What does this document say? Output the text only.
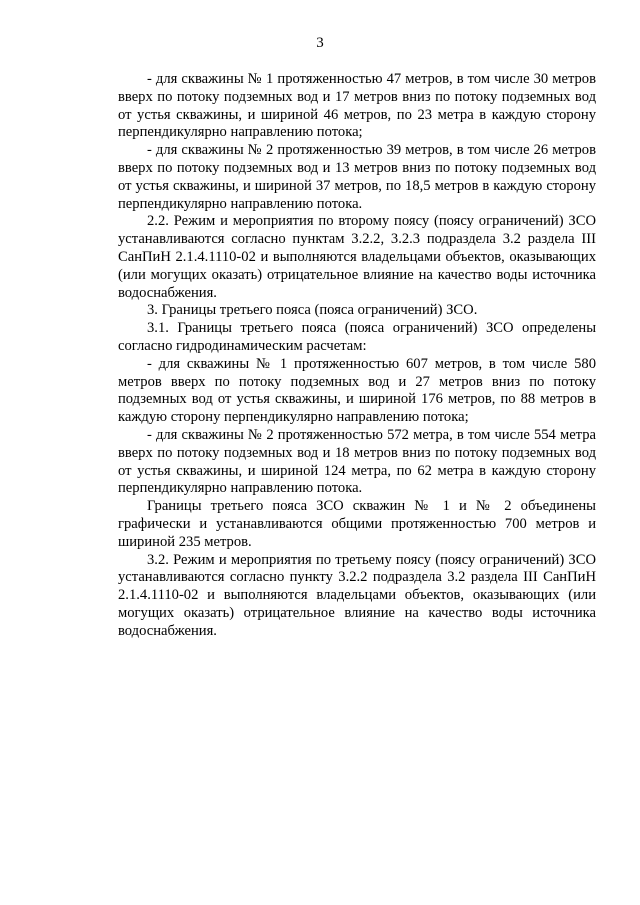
3

- для скважины № 1 протяженностью 47 метров, в том числе 30 метров вверх по потоку подземных вод и 17 метров вниз по потоку подземных вод от устья скважины, и шириной 46 метров, по 23 метра в каждую сторону перпендикулярно направлению потока;

- для скважины № 2 протяженностью 39 метров, в том числе 26 метров вверх по потоку подземных вод и 13 метров вниз по потоку подземных вод от устья скважины, и шириной 37 метров, по 18,5 метров в каждую сторону перпендикулярно направлению потока.

2.2. Режим и мероприятия по второму поясу (поясу ограничений) ЗСО устанавливаются согласно пунктам 3.2.2, 3.2.3 подраздела 3.2 раздела III СанПиН 2.1.4.1110-02 и выполняются владельцами объектов, оказывающих (или могущих оказать) отрицательное влияние на качество воды источника водоснабжения.

3. Границы третьего пояса (пояса ограничений) ЗСО.

3.1. Границы третьего пояса (пояса ограничений) ЗСО определены согласно гидродинамическим расчетам:

- для скважины № 1 протяженностью 607 метров, в том числе 580 метров вверх по потоку подземных вод и 27 метров вниз по потоку подземных вод от устья скважины, и шириной 176 метров, по 88 метров в каждую сторону перпендикулярно направлению потока;

- для скважины № 2 протяженностью 572 метра, в том числе 554 метра вверх по потоку подземных вод и 18 метров вниз по потоку подземных вод от устья скважины, и шириной 124 метра, по 62 метра в каждую сторону перпендикулярно направлению потока.

Границы третьего пояса ЗСО скважин № 1 и № 2 объединены графически и устанавливаются общими протяженностью 700 метров и шириной 235 метров.

3.2. Режим и мероприятия по третьему поясу (поясу ограничений) ЗСО устанавливаются согласно пункту 3.2.2 подраздела 3.2 раздела III СанПиН 2.1.4.1110-02 и выполняются владельцами объектов, оказывающих (или могущих оказать) отрицательное влияние на качество воды источника водоснабжения.
